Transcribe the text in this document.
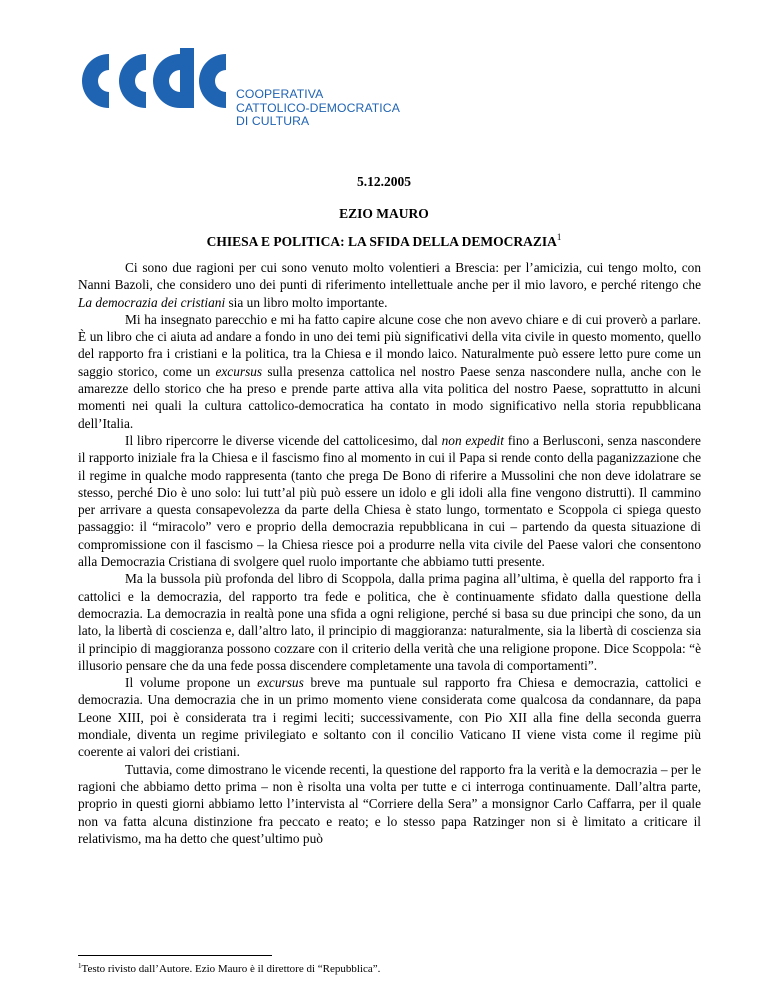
COOPERATIVA
CATTOLICO-DEMOCRATICA
DI CULTURA
5.12.2005
EZIO MAURO
CHIESA E POLITICA: LA SFIDA DELLA DEMOCRAZIA$^1$

Ci sono due ragioni per cui sono venuto molto volentieri a Brescia: per l’amicizia, cui tengo molto, con Nanni Bazoli, che considero uno dei punti di riferimento intellettuale anche per il mio lavoro, e perché ritengo che La democrazia dei cristiani sia un libro molto importante.

Mi ha insegnato parecchio e mi ha fatto capire alcune cose che non avevo chiare e di cui proverò a parlare. È un libro che ci aiuta ad andare a fondo in uno dei temi più significativi della vita civile in questo momento, quello del rapporto fra i cristiani e la politica, tra la Chiesa e il mondo laico. Naturalmente può essere letto pure come un saggio storico, come un excursus sulla presenza cattolica nel nostro Paese senza nascondere nulla, anche con le amarezze dello storico che ha preso e prende parte attiva alla vita politica del nostro Paese, soprattutto in alcuni momenti nei quali la cultura cattolico-democratica ha contato in modo significativo nella storia repubblicana dell’Italia.

Il libro ripercorre le diverse vicende del cattolicesimo, dal non expedit fino a Berlusconi, senza nascondere il rapporto iniziale fra la Chiesa e il fascismo fino al momento in cui il Papa si rende conto della paganizzazione che il regime in qualche modo rappresenta (tanto che prega De Bono di riferire a Mussolini che non deve idolatrare se stesso, perché Dio è uno solo: lui tutt’al più può essere un idolo e gli idoli alla fine vengono distrutti). Il cammino per arrivare a questa consapevolezza da parte della Chiesa è stato lungo, tormentato e Scoppola ci spiega questo passaggio: il “miracolo” vero e proprio della democrazia repubblicana in cui – partendo da questa situazione di compromissione con il fascismo – la Chiesa riesce poi a produrre nella vita civile del Paese valori che consentono alla Democrazia Cristiana di svolgere quel ruolo importante che abbiamo tutti presente.

Ma la bussola più profonda del libro di Scoppola, dalla prima pagina all’ultima, è quella del rapporto fra i cattolici e la democrazia, del rapporto tra fede e politica, che è continuamente sfidato dalla questione della democrazia. La democrazia in realtà pone una sfida a ogni religione, perché si basa su due principi che sono, da un lato, la libertà di coscienza e, dall’altro lato, il principio di maggioranza: naturalmente, sia la libertà di coscienza sia il principio di maggioranza possono cozzare con il criterio della verità che una religione propone. Dice Scoppola: “è illusorio pensare che da una fede possa discendere completamente una tavola di comportamenti”.

Il volume propone un excursus breve ma puntuale sul rapporto fra Chiesa e democrazia, cattolici e democrazia. Una democrazia che in un primo momento viene considerata come qualcosa da condannare, da papa Leone XIII, poi è considerata tra i regimi leciti; successivamente, con Pio XII alla fine della seconda guerra mondiale, diventa un regime privilegiato e soltanto con il concilio Vaticano II viene vista come il regime più coerente ai valori dei cristiani.

Tuttavia, come dimostrano le vicende recenti, la questione del rapporto fra la verità e la democrazia – per le ragioni che abbiamo detto prima – non è risolta una volta per tutte e ci interroga continuamente. Dall’altra parte, proprio in questi giorni abbiamo letto l’intervista al “Corriere della Sera” a monsignor Carlo Caffarra, per il quale non va fatta alcuna distinzione fra peccato e reato; e lo stesso papa Ratzinger non si è limitato a criticare il relativismo, ma ha detto che quest’ultimo può

$^1$Testo rivisto dall’Autore. Ezio Mauro è il direttore di “Repubblica”.
